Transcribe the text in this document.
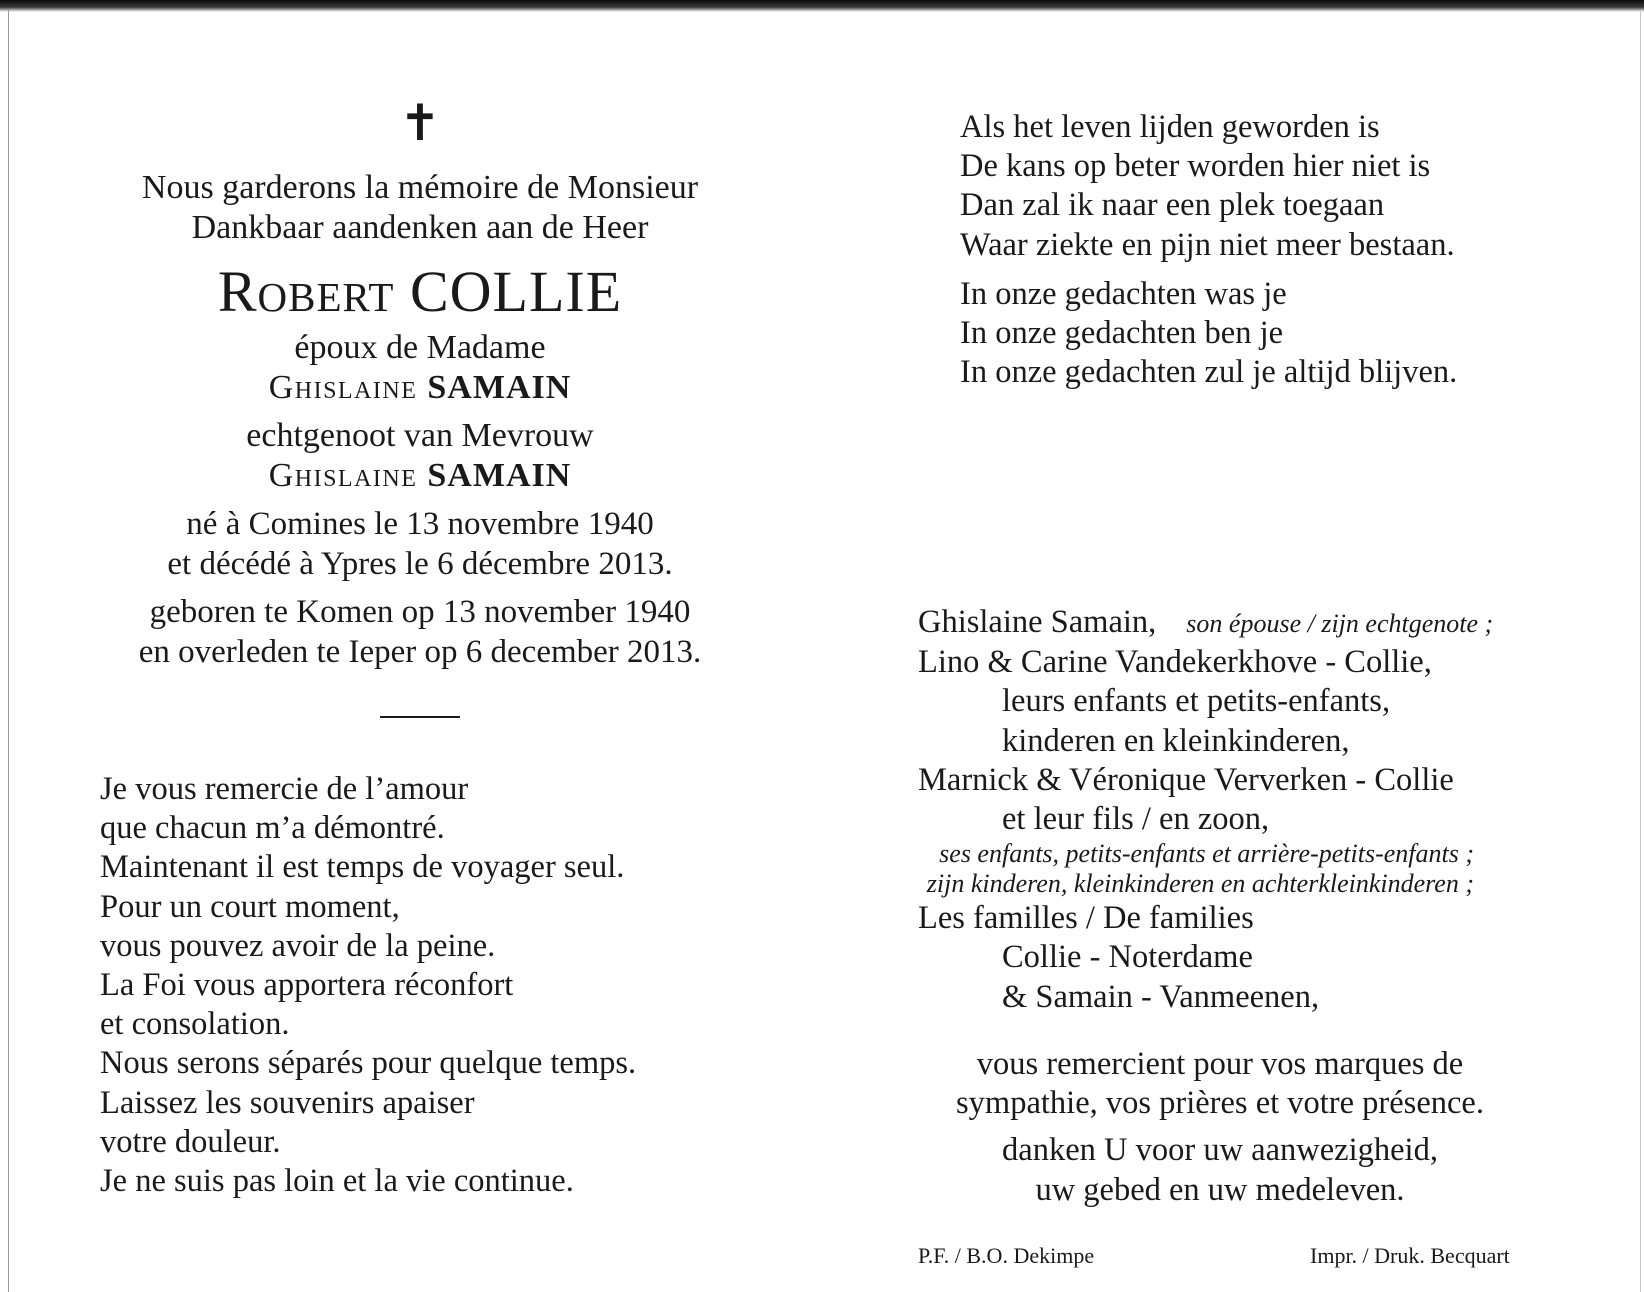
✝
Nous garderons la mémoire de Monsieur
Dankbaar aandenken aan de Heer
Robert COLLIE
époux de Madame
Ghislaine SAMAIN
echtgenoot van Mevrouw
Ghislaine SAMAIN
né à Comines le 13 novembre 1940
et décédé à Ypres le 6 décembre 2013.
geboren te Komen op 13 november 1940
en overleden te Ieper op 6 december 2013.
Je vous remercie de l’amour
que chacun m’a démontré.
Maintenant il est temps de voyager seul.
Pour un court moment,
vous pouvez avoir de la peine.
La Foi vous apportera réconfort
et consolation.
Nous serons séparés pour quelque temps.
Laissez les souvenirs apaiser
votre douleur.
Je ne suis pas loin et la vie continue.
Als het leven lijden geworden is
De kans op beter worden hier niet is
Dan zal ik naar een plek toegaan
Waar ziekte en pijn niet meer bestaan.
In onze gedachten was je
In onze gedachten ben je
In onze gedachten zul je altijd blijven.
Ghislaine Samain, son épouse / zijn echtgenote ;
Lino & Carine Vandekerkhove - Collie,
leurs enfants et petits-enfants,
kinderen en kleinkinderen,
Marnick & Véronique Ververken - Collie
et leur fils / en zoon,
ses enfants, petits-enfants et arrière-petits-enfants ;
zijn kinderen, kleinkinderen en achterkleinkinderen ;
Les familles / De families
Collie - Noterdame
& Samain - Vanmeenen,
vous remercient pour vos marques de
sympathie, vos prières et votre présence.
danken U voor uw aanwezigheid,
uw gebed en uw medeleven.
P.F. / B.O. Dekimpe	Impr. / Druk. Becquart
